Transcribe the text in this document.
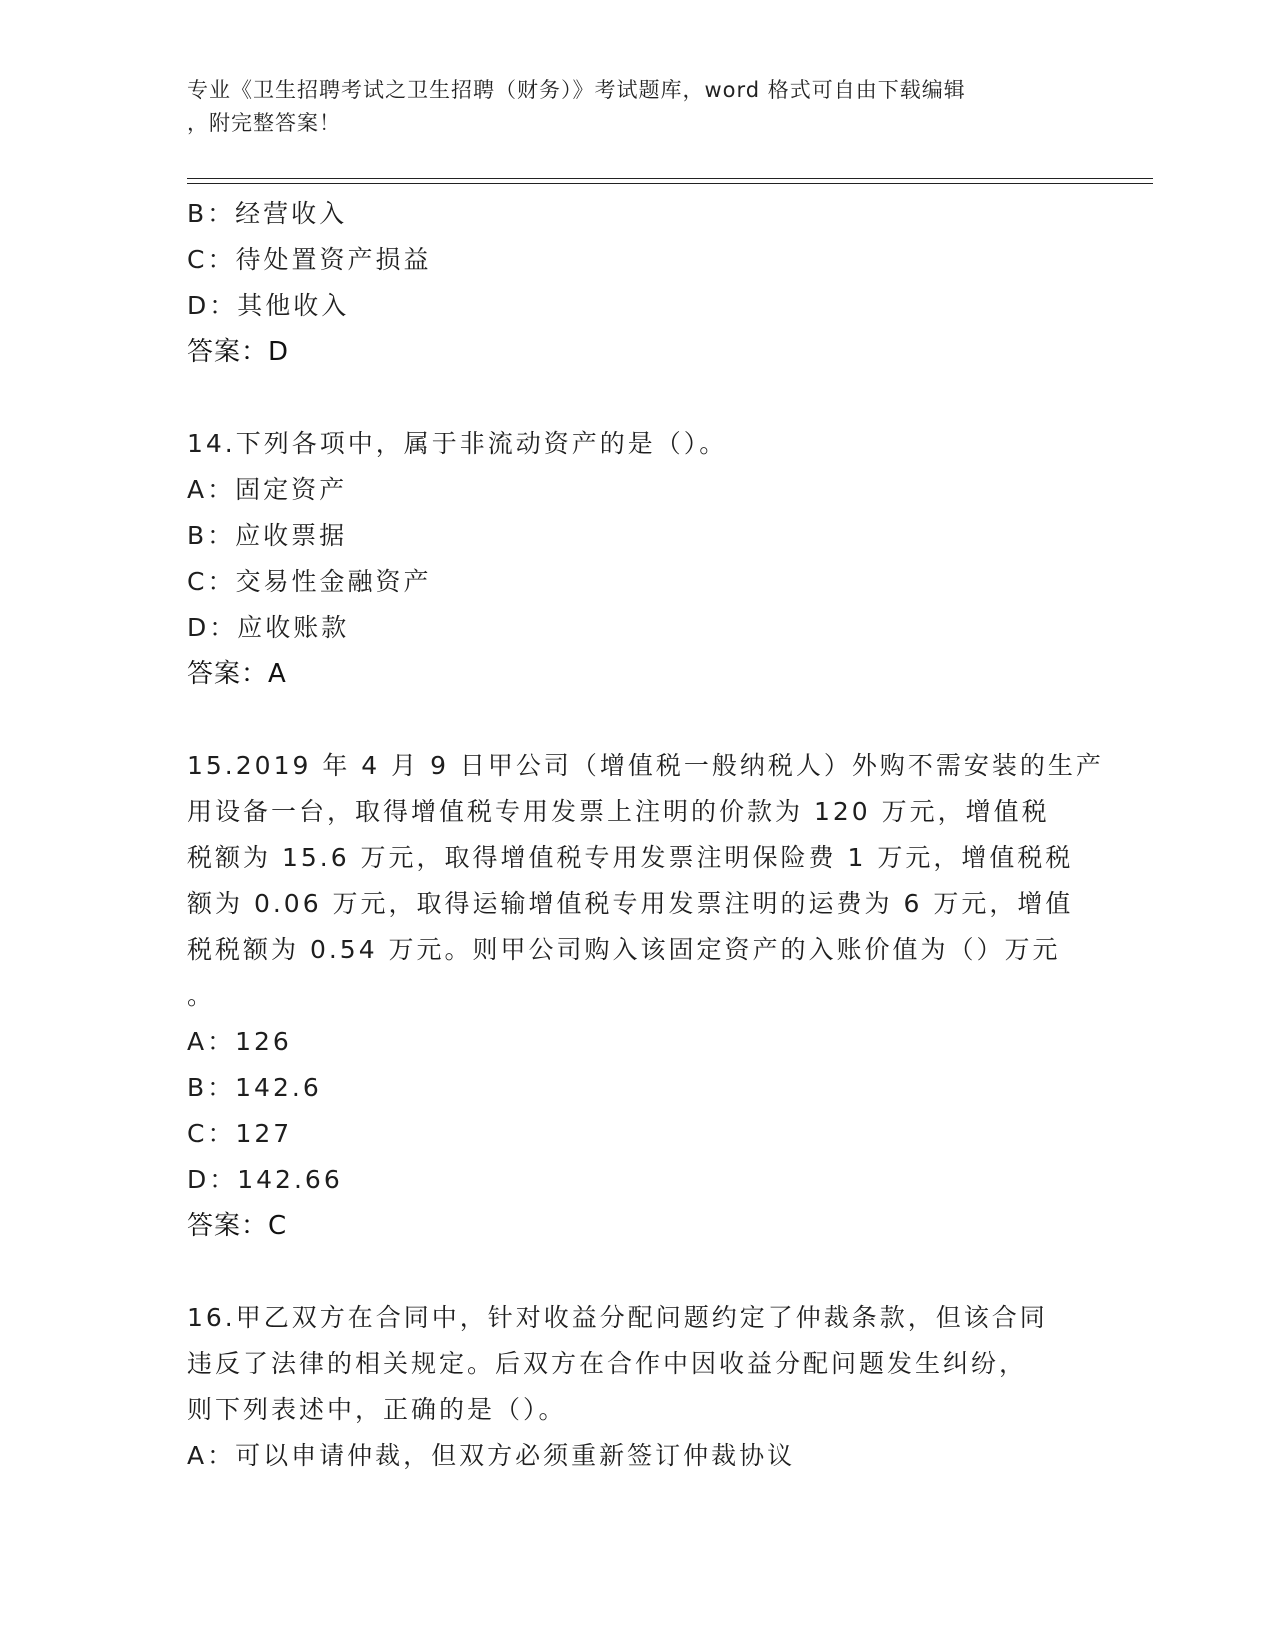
专业《卫生招聘考试之卫生招聘（财务）》考试题库，word 格式可自由下载编辑
，附完整答案！
B：经营收入
C：待处置资产损益
D：其他收入
答案：D
14.下列各项中，属于非流动资产的是（）。
A：固定资产
B：应收票据
C：交易性金融资产
D：应收账款
答案：A
15.2019 年 4 月 9 日甲公司（增值税一般纳税人）外购不需安装的生产
用设备一台，取得增值税专用发票上注明的价款为 120 万元，增值税
税额为 15.6 万元，取得增值税专用发票注明保险费 1 万元，增值税税
额为 0.06 万元，取得运输增值税专用发票注明的运费为 6 万元，增值
税税额为 0.54 万元。则甲公司购入该固定资产的入账价值为（）万元
。
A：126
B：142.6
C：127
D：142.66
答案：C
16.甲乙双方在合同中，针对收益分配问题约定了仲裁条款，但该合同
违反了法律的相关规定。后双方在合作中因收益分配问题发生纠纷，
则下列表述中，正确的是（）。
A：可以申请仲裁，但双方必须重新签订仲裁协议
